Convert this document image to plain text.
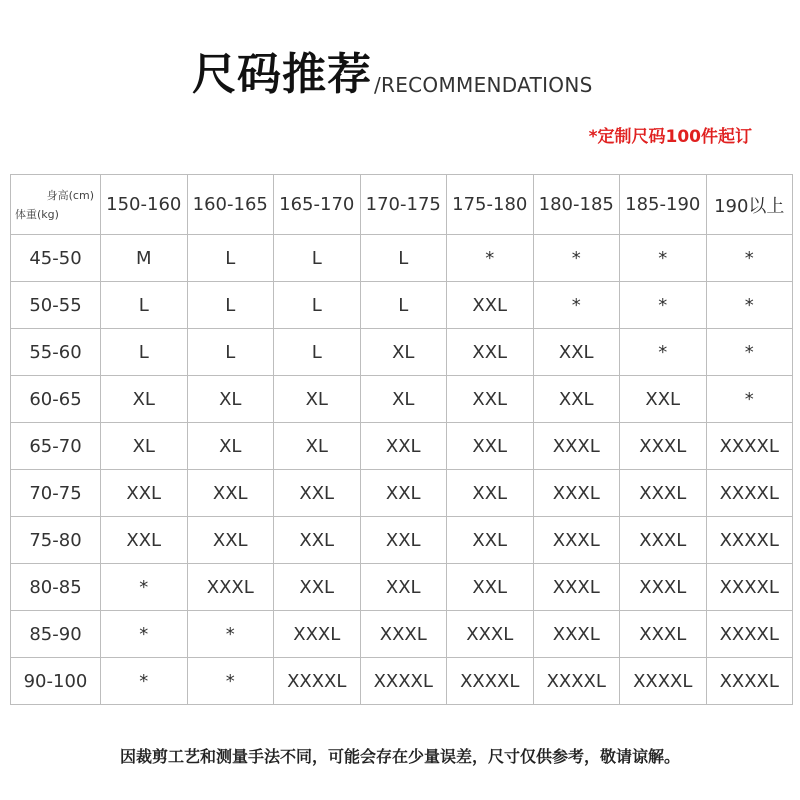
尺码推荐 /RECOMMENDATIONS
*定制尺码100件起订
身高(cm)
体重(kg)	150-160	160-165	165-170	170-175	175-180	180-185	185-190	190以上
45-50	M	L	L	L	*	*	*	*
50-55	L	L	L	L	XXL	*	*	*
55-60	L	L	L	XL	XXL	XXL	*	*
60-65	XL	XL	XL	XL	XXL	XXL	XXL	*
65-70	XL	XL	XL	XXL	XXL	XXXL	XXXL	XXXXL
70-75	XXL	XXL	XXL	XXL	XXL	XXXL	XXXL	XXXXL
75-80	XXL	XXL	XXL	XXL	XXL	XXXL	XXXL	XXXXL
80-85	*	XXXL	XXL	XXL	XXL	XXXL	XXXL	XXXXL
85-90	*	*	XXXL	XXXL	XXXL	XXXL	XXXL	XXXXL
90-100	*	*	XXXXL	XXXXL	XXXXL	XXXXL	XXXXL	XXXXL
因裁剪工艺和测量手法不同，可能会存在少量误差，尺寸仅供参考，敬请谅解。
